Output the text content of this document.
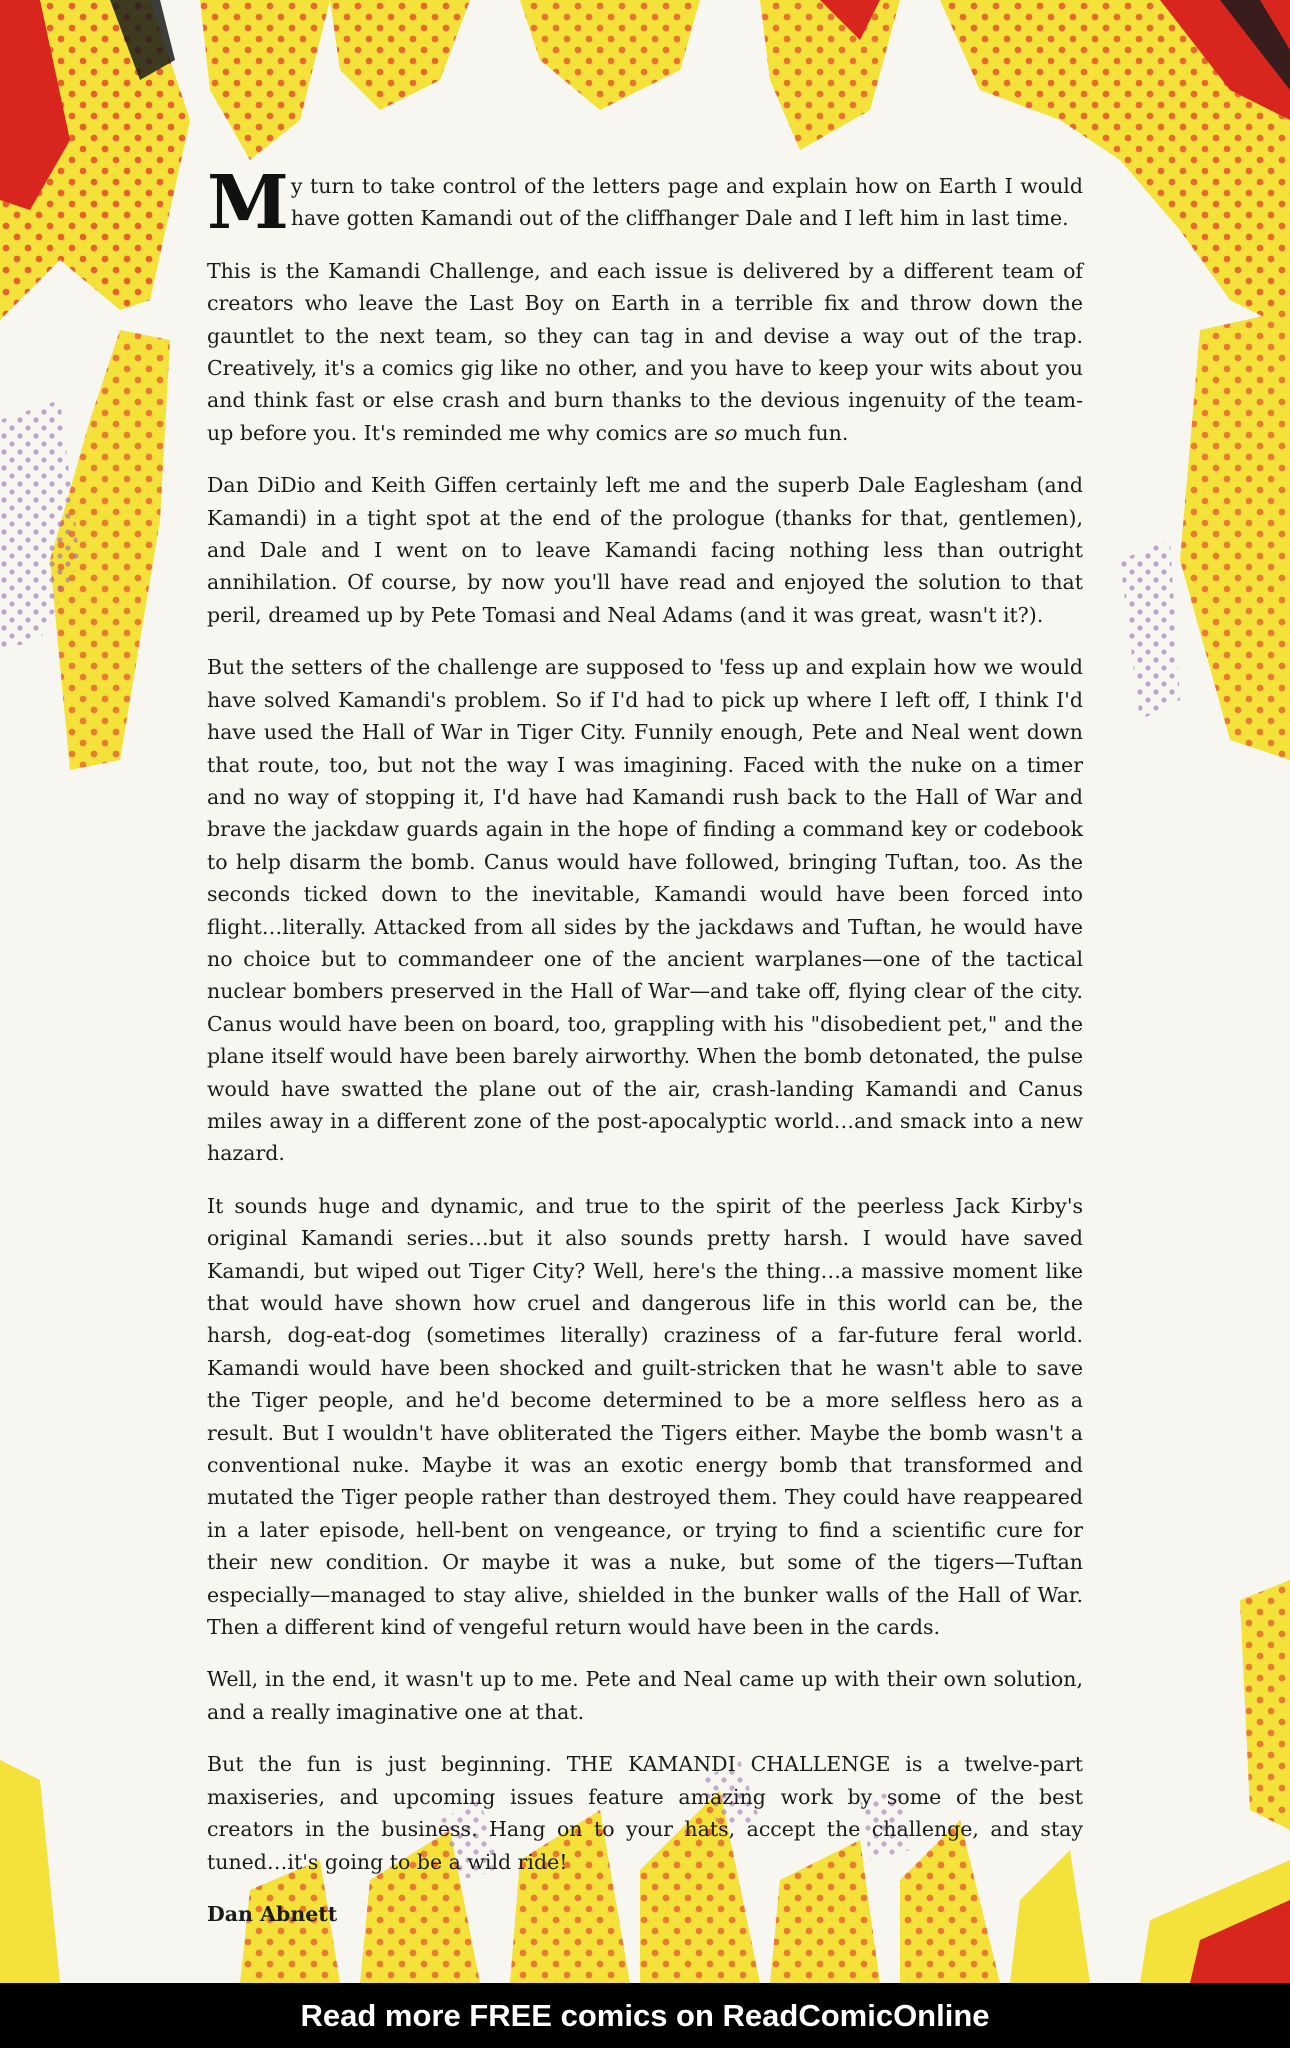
My turn to take control of the letters page and explain how on Earth I would have gotten Kamandi out of the cliffhanger Dale and I left him in last time.

This is the Kamandi Challenge, and each issue is delivered by a different team of creators who leave the Last Boy on Earth in a terrible fix and throw down the gauntlet to the next team, so they can tag in and devise a way out of the trap. Creatively, it's a comics gig like no other, and you have to keep your wits about you and think fast or else crash and burn thanks to the devious ingenuity of the team-up before you. It's reminded me why comics are so much fun.

Dan DiDio and Keith Giffen certainly left me and the superb Dale Eaglesham (and Kamandi) in a tight spot at the end of the prologue (thanks for that, gentlemen), and Dale and I went on to leave Kamandi facing nothing less than outright annihilation. Of course, by now you'll have read and enjoyed the solution to that peril, dreamed up by Pete Tomasi and Neal Adams (and it was great, wasn't it?).

But the setters of the challenge are supposed to 'fess up and explain how we would have solved Kamandi's problem. So if I'd had to pick up where I left off, I think I'd have used the Hall of War in Tiger City. Funnily enough, Pete and Neal went down that route, too, but not the way I was imagining. Faced with the nuke on a timer and no way of stopping it, I'd have had Kamandi rush back to the Hall of War and brave the jackdaw guards again in the hope of finding a command key or codebook to help disarm the bomb. Canus would have followed, bringing Tuftan, too. As the seconds ticked down to the inevitable, Kamandi would have been forced into flight…literally. Attacked from all sides by the jackdaws and Tuftan, he would have no choice but to commandeer one of the ancient warplanes—one of the tactical nuclear bombers preserved in the Hall of War—and take off, flying clear of the city. Canus would have been on board, too, grappling with his "disobedient pet," and the plane itself would have been barely airworthy. When the bomb detonated, the pulse would have swatted the plane out of the air, crash-landing Kamandi and Canus miles away in a different zone of the post-apocalyptic world…and smack into a new hazard.

It sounds huge and dynamic, and true to the spirit of the peerless Jack Kirby's original Kamandi series…but it also sounds pretty harsh. I would have saved Kamandi, but wiped out Tiger City? Well, here's the thing…a massive moment like that would have shown how cruel and dangerous life in this world can be, the harsh, dog-eat-dog (sometimes literally) craziness of a far-future feral world. Kamandi would have been shocked and guilt-stricken that he wasn't able to save the Tiger people, and he'd become determined to be a more selfless hero as a result. But I wouldn't have obliterated the Tigers either. Maybe the bomb wasn't a conventional nuke. Maybe it was an exotic energy bomb that transformed and mutated the Tiger people rather than destroyed them. They could have reappeared in a later episode, hell-bent on vengeance, or trying to find a scientific cure for their new condition. Or maybe it was a nuke, but some of the tigers—Tuftan especially—managed to stay alive, shielded in the bunker walls of the Hall of War. Then a different kind of vengeful return would have been in the cards.

Well, in the end, it wasn't up to me. Pete and Neal came up with their own solution, and a really imaginative one at that.

But the fun is just beginning. THE KAMANDI CHALLENGE is a twelve-part maxiseries, and upcoming issues feature amazing work by some of the best creators in the business. Hang on to your hats, accept the challenge, and stay tuned…it's going to be a wild ride!

Dan Abnett
Read more FREE comics on ReadComicOnline
